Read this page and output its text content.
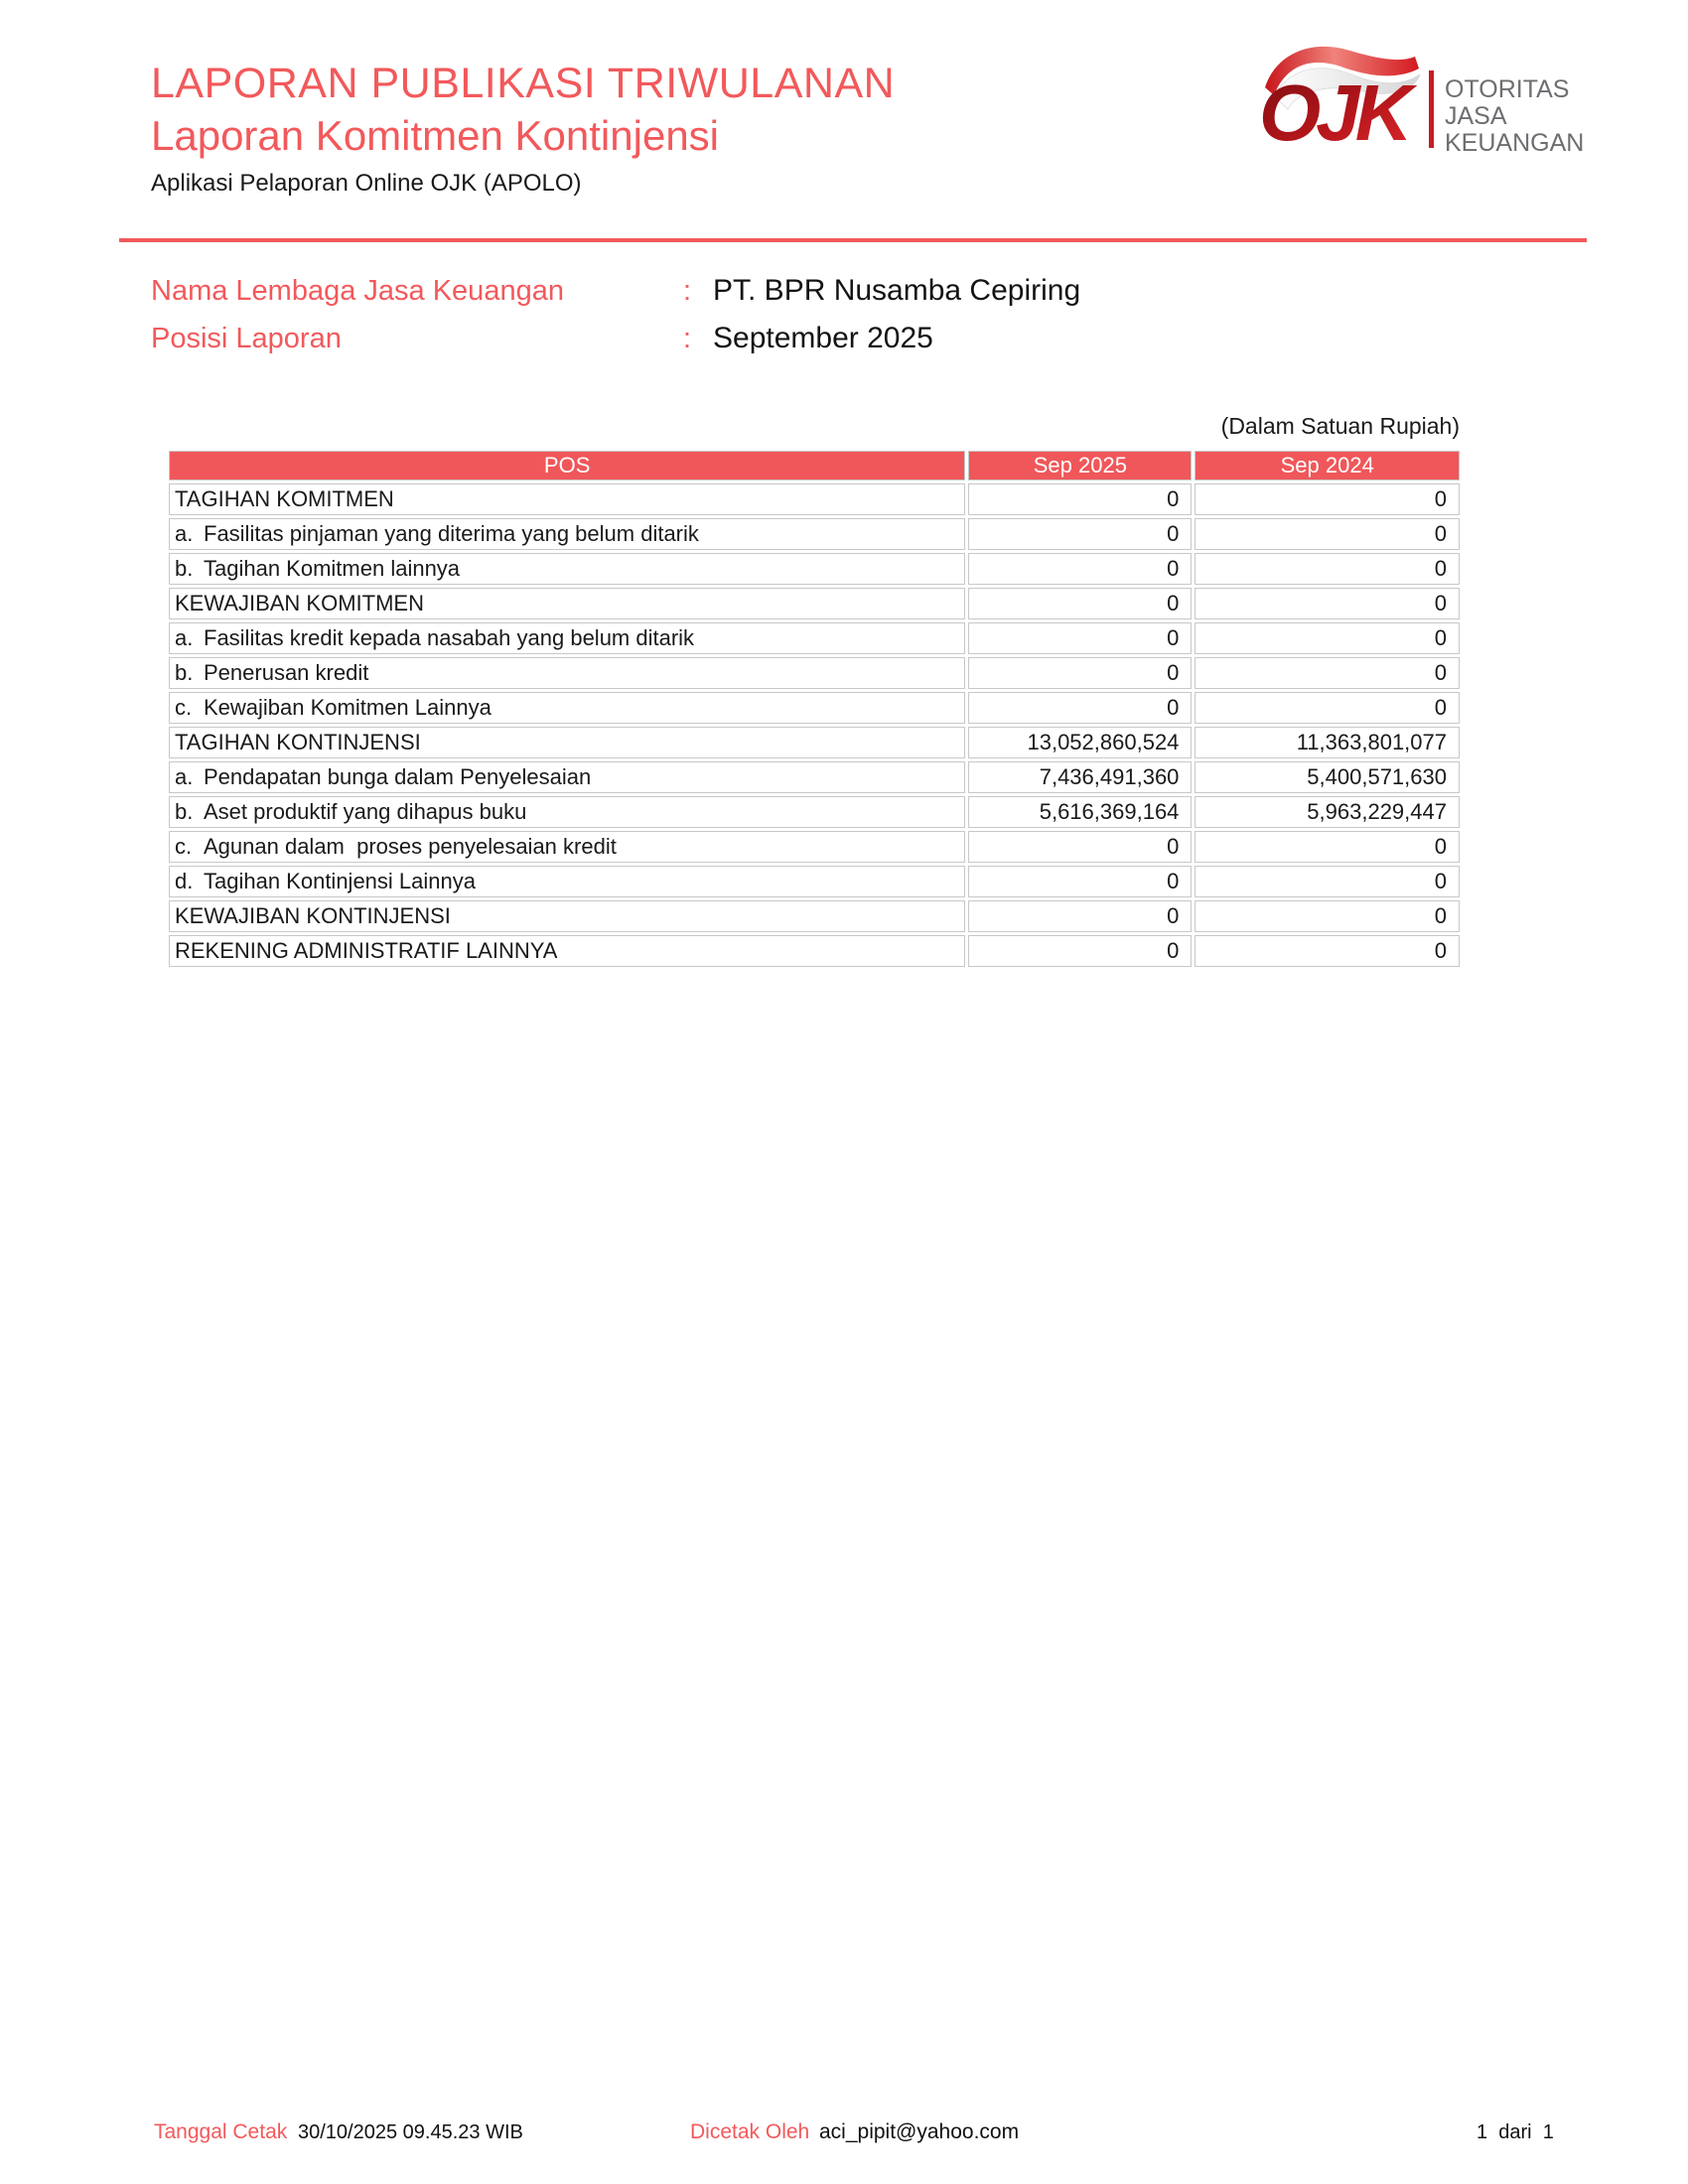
LAPORAN PUBLIKASI TRIWULANAN
Laporan Komitmen Kontinjensi
Aplikasi Pelaporan Online OJK (APOLO)
OJK	OTORITAS
JASA
KEUANGAN
Nama Lembaga Jasa Keuangan	: PT. BPR Nusamba Cepiring
Posisi Laporan	: September 2025
(Dalam Satuan Rupiah)
POS	Sep 2025	Sep 2024
TAGIHAN KOMITMEN	0	0
a. Fasilitas pinjaman yang diterima yang belum ditarik	0	0
b. Tagihan Komitmen lainnya	0	0
KEWAJIBAN KOMITMEN	0	0
a. Fasilitas kredit kepada nasabah yang belum ditarik	0	0
b. Penerusan kredit	0	0
c. Kewajiban Komitmen Lainnya	0	0
TAGIHAN KONTINJENSI	13,052,860,524	11,363,801,077
a. Pendapatan bunga dalam Penyelesaian	7,436,491,360	5,400,571,630
b. Aset produktif yang dihapus buku	5,616,369,164	5,963,229,447
c. Agunan dalam  proses penyelesaian kredit	0	0
d. Tagihan Kontinjensi Lainnya	0	0
KEWAJIBAN KONTINJENSI	0	0
REKENING ADMINISTRATIF LAINNYA	0	0
Tanggal Cetak 30/10/2025 09.45.23 WIB	Dicetak Oleh aci_pipit@yahoo.com	1  dari  1
